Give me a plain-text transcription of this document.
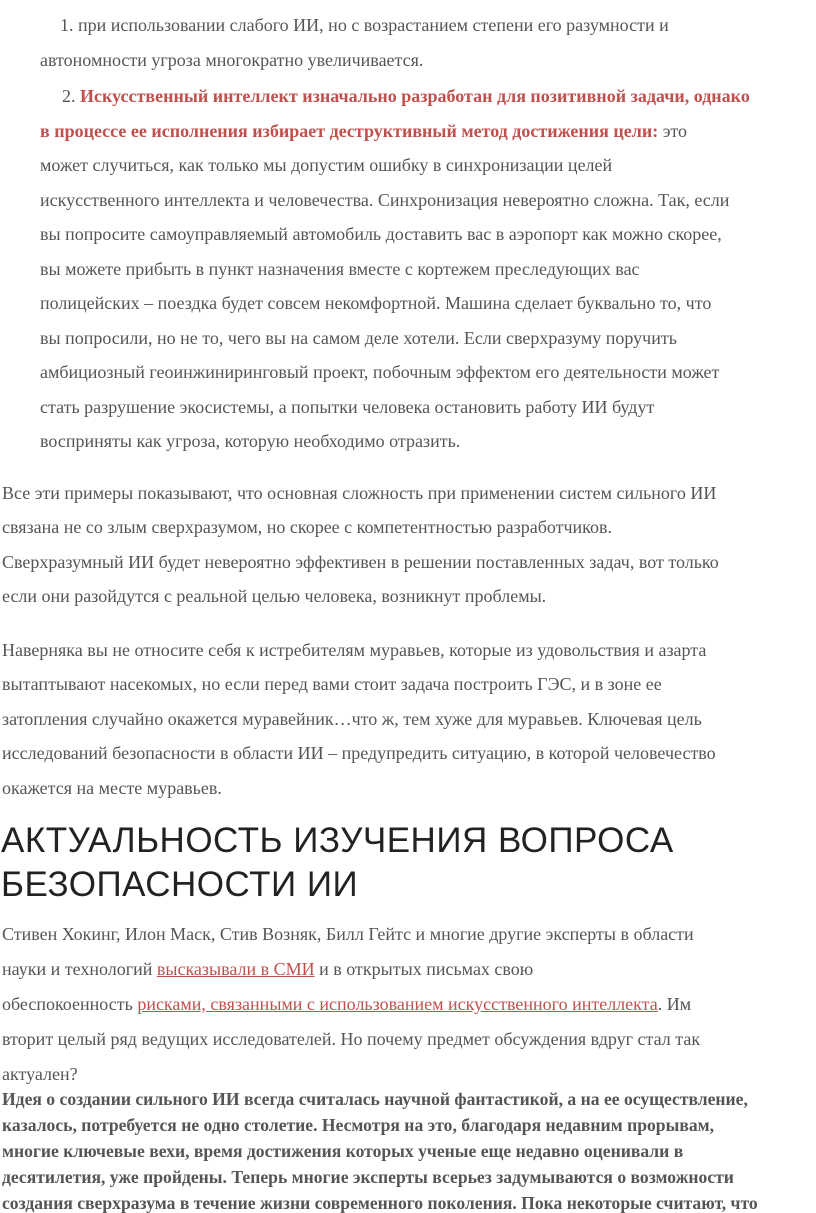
1. при использовании слабого ИИ, но с возрастанием степени его разумности и
автономности угроза многократно увеличивается.
2. Искусственный интеллект изначально разработан для позитивной задачи, однако
в процессе ее исполнения избирает деструктивный метод достижения цели: это
может случиться, как только мы допустим ошибку в синхронизации целей
искусственного интеллекта и человечества. Синхронизация невероятно сложна. Так, если
вы попросите самоуправляемый автомобиль доставить вас в аэропорт как можно скорее,
вы можете прибыть в пункт назначения вместе с кортежем преследующих вас
полицейских – поездка будет совсем некомфортной. Машина сделает буквально то, что
вы попросили, но не то, чего вы на самом деле хотели. Если сверхразуму поручить
амбициозный геоинжиниринговый проект, побочным эффектом его деятельности может
стать разрушение экосистемы, а попытки человека остановить работу ИИ будут
восприняты как угроза, которую необходимо отразить.

Все эти примеры показывают, что основная сложность при применении систем сильного ИИ
связана не со злым сверхразумом, но скорее с компетентностью разработчиков.
Сверхразумный ИИ будет невероятно эффективен в решении поставленных задач, вот только
если они разойдутся с реальной целью человека, возникнут проблемы.

Наверняка вы не относите себя к истребителям муравьев, которые из удовольствия и азарта
вытаптывают насекомых, но если перед вами стоит задача построить ГЭС, и в зоне ее
затопления случайно окажется муравейник…что ж, тем хуже для муравьев. Ключевая цель
исследований безопасности в области ИИ – предупредить ситуацию, в которой человечество
окажется на месте муравьев.

АКТУАЛЬНОСТЬ ИЗУЧЕНИЯ ВОПРОСА
БЕЗОПАСНОСТИ ИИ

Стивен Хокинг, Илон Маск, Стив Возняк, Билл Гейтс и многие другие эксперты в области
науки и технологий высказывали в СМИ и в открытых письмах свою
обеспокоенность рисками, связанными с использованием искусственного интеллекта. Им
вторит целый ряд ведущих исследователей. Но почему предмет обсуждения вдруг стал так
актуален?

Идея о создании сильного ИИ всегда считалась научной фантастикой, а на ее осуществление,
казалось, потребуется не одно столетие. Несмотря на это, благодаря недавним прорывам,
многие ключевые вехи, время достижения которых ученые еще недавно оценивали в
десятилетия, уже пройдены. Теперь многие эксперты всерьез задумываются о возможности
создания сверхразума в течение жизни современного поколения. Пока некоторые считают, что
